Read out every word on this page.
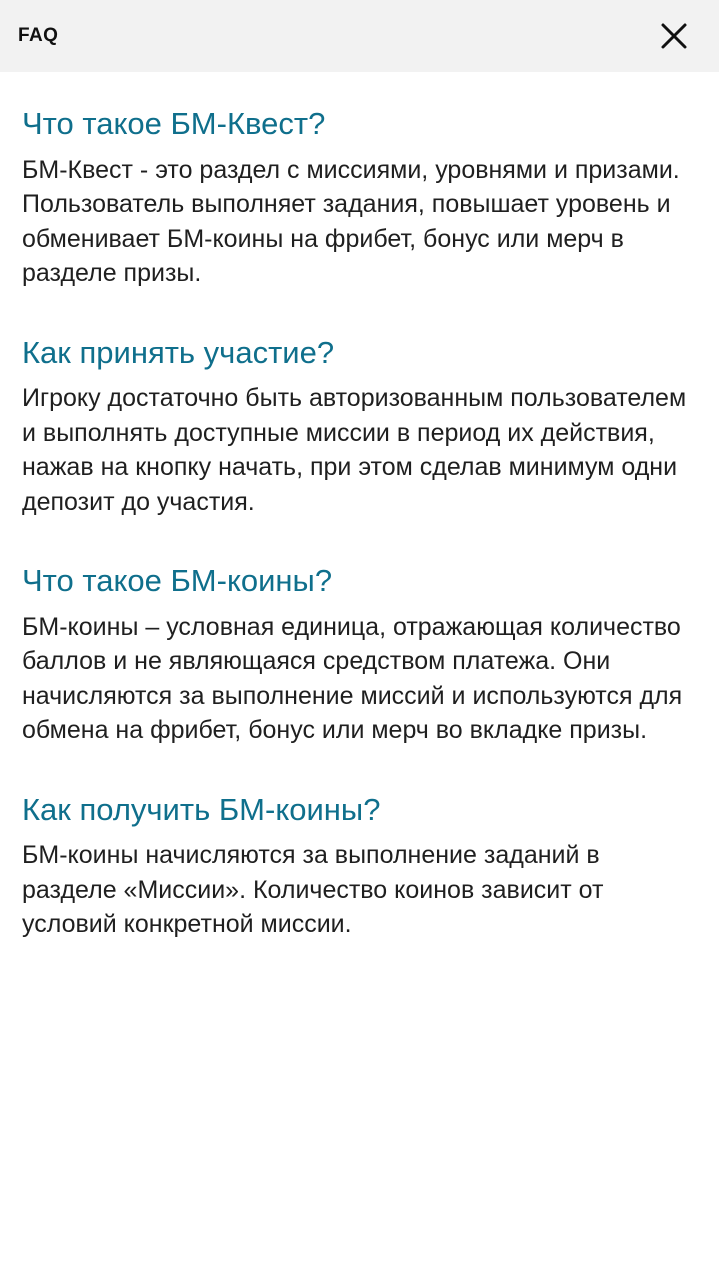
FAQ
Что такое БМ-Квест?

БМ-Квест - это раздел с миссиями, уровнями и призами. Пользователь выполняет задания, повышает уровень и обменивает БМ-коины на фрибет, бонус или мерч в разделе призы.

Как принять участие?

Игроку достаточно быть авторизованным пользователем и выполнять доступные миссии в период их действия, нажав на кнопку начать, при этом сделав минимум одни депозит до участия.

Что такое БМ-коины?

БМ-коины – условная единица, отражающая количество баллов и не являющаяся средством платежа. Они начисляются за выполнение миссий и используются для обмена на фрибет, бонус или мерч во вкладке призы.

Как получить БМ-коины?

БМ-коины начисляются за выполнение заданий в разделе «Миссии». Количество коинов зависит от условий конкретной миссии.
